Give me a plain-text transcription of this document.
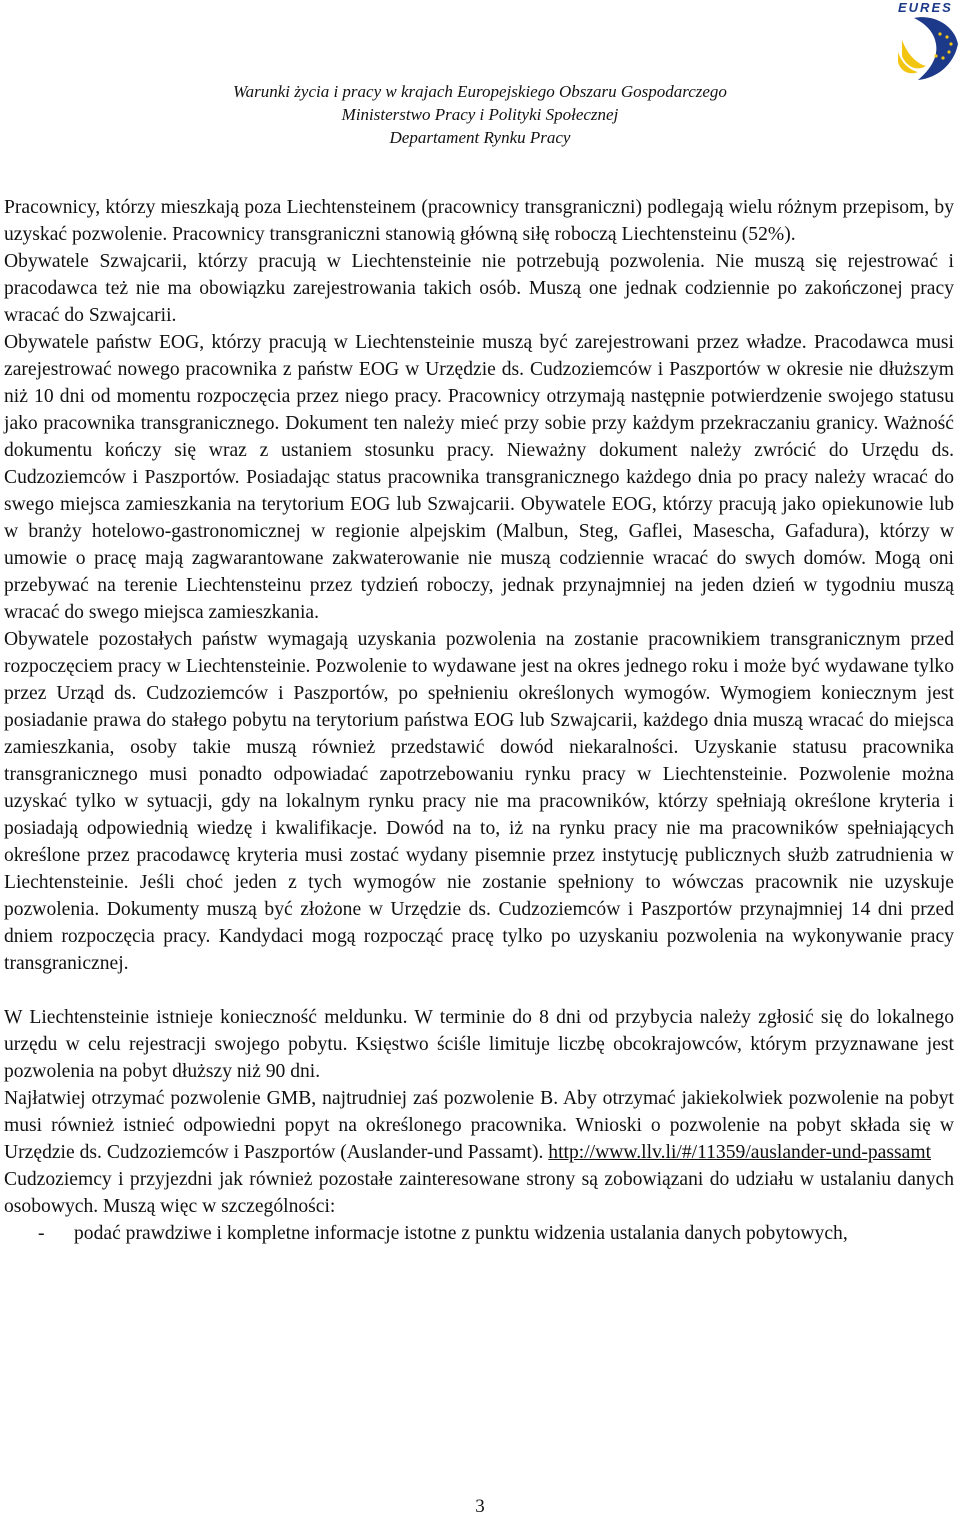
EURES
Warunki życia i pracy w krajach Europejskiego Obszaru Gospodarczego
Ministerstwo Pracy i Polityki Społecznej
Departament Rynku Pracy

Pracownicy, którzy mieszkają poza Liechtensteinem (pracownicy transgraniczni) podlegają wielu różnym przepisom, by uzyskać pozwolenie. Pracownicy transgraniczni stanowią główną siłę roboczą Liechtensteinu (52%).

Obywatele Szwajcarii, którzy pracują w Liechtensteinie nie potrzebują pozwolenia. Nie muszą się rejestrować i pracodawca też nie ma obowiązku zarejestrowania takich osób. Muszą one jednak codziennie po zakończonej pracy wracać do Szwajcarii.

Obywatele państw EOG, którzy pracują w Liechtensteinie muszą być zarejestrowani przez władze. Pracodawca musi zarejestrować nowego pracownika z państw EOG w Urzędzie ds. Cudzoziemców i Paszportów w okresie nie dłuższym niż 10 dni od momentu rozpoczęcia przez niego pracy. Pracownicy otrzymają następnie potwierdzenie swojego statusu jako pracownika transgranicznego. Dokument ten należy mieć przy sobie przy każdym przekraczaniu granicy. Ważność dokumentu kończy się wraz z ustaniem stosunku pracy. Nieważny dokument należy zwrócić do Urzędu ds. Cudzoziemców i Paszportów. Posiadając status pracownika transgranicznego każdego dnia po pracy należy wracać do swego miejsca zamieszkania na terytorium EOG lub Szwajcarii. Obywatele EOG, którzy pracują jako opiekunowie lub w branży hotelowo-gastronomicznej w regionie alpejskim (Malbun, Steg, Gaflei, Masescha, Gafadura), którzy w umowie o pracę mają zagwarantowane zakwaterowanie nie muszą codziennie wracać do swych domów. Mogą oni przebywać na terenie Liechtensteinu przez tydzień roboczy, jednak przynajmniej na jeden dzień w tygodniu muszą wracać do swego miejsca zamieszkania.

Obywatele pozostałych państw wymagają uzyskania pozwolenia na zostanie pracownikiem transgranicznym przed rozpoczęciem pracy w Liechtensteinie. Pozwolenie to wydawane jest na okres jednego roku i może być wydawane tylko przez Urząd ds. Cudzoziemców i Paszportów, po spełnieniu określonych wymogów. Wymogiem koniecznym jest posiadanie prawa do stałego pobytu na terytorium państwa EOG lub Szwajcarii, każdego dnia muszą wracać do miejsca zamieszkania, osoby takie muszą również przedstawić dowód niekaralności. Uzyskanie statusu pracownika transgranicznego musi ponadto odpowiadać zapotrzebowaniu rynku pracy w Liechtensteinie. Pozwolenie można uzyskać tylko w sytuacji, gdy na lokalnym rynku pracy nie ma pracowników, którzy spełniają określone kryteria i posiadają odpowiednią wiedzę i kwalifikacje. Dowód na to, iż na rynku pracy nie ma pracowników spełniających określone przez pracodawcę kryteria musi zostać wydany pisemnie przez instytucję publicznych służb zatrudnienia w Liechtensteinie. Jeśli choć jeden z tych wymogów nie zostanie spełniony to wówczas pracownik nie uzyskuje pozwolenia. Dokumenty muszą być złożone w Urzędzie ds. Cudzoziemców i Paszportów przynajmniej 14 dni przed dniem rozpoczęcia pracy. Kandydaci mogą rozpocząć pracę tylko po uzyskaniu pozwolenia na wykonywanie pracy transgranicznej.

W Liechtensteinie istnieje konieczność meldunku. W terminie do 8 dni od przybycia należy zgłosić się do lokalnego urzędu w celu rejestracji swojego pobytu. Księstwo ściśle limituje liczbę obcokrajowców, którym przyznawane jest pozwolenia na pobyt dłuższy niż 90 dni.

Najłatwiej otrzymać pozwolenie GMB, najtrudniej zaś pozwolenie B. Aby otrzymać jakiekolwiek pozwolenie na pobyt musi również istnieć odpowiedni popyt na określonego pracownika. Wnioski o pozwolenie na pobyt składa się w Urzędzie ds. Cudzoziemców i Paszportów (Auslander-und Passamt). http://www.llv.li/#/11359/auslander-und-passamt

Cudzoziemcy i przyjezdni jak również pozostałe zainteresowane strony są zobowiązani do udziału w ustalaniu danych osobowych. Muszą więc w szczególności:

-	podać prawdziwe i kompletne informacje istotne z punktu widzenia ustalania danych pobytowych,
3
